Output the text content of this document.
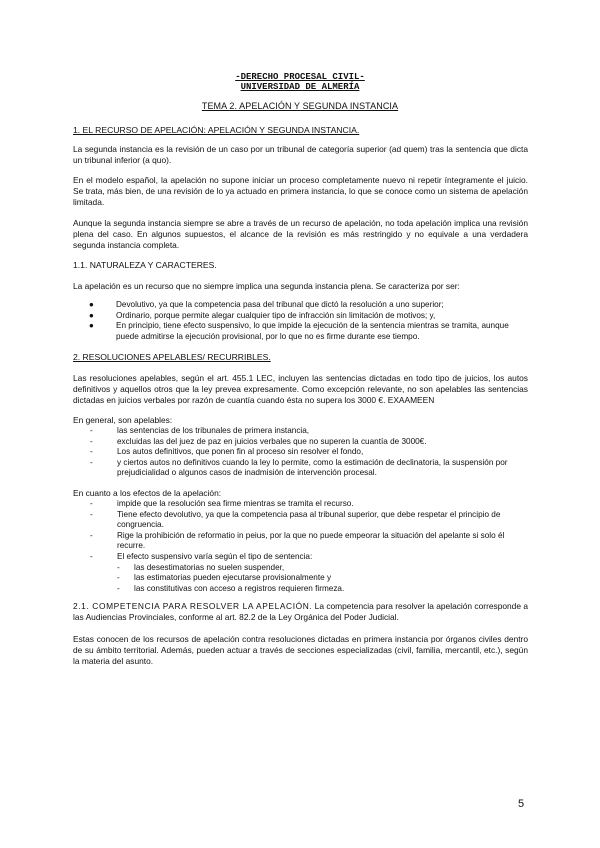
-DERECHO PROCESAL CIVIL-
UNIVERSIDAD DE ALMERÍA
TEMA 2. APELACIÓN Y SEGUNDA INSTANCIA

1. EL RECURSO DE APELACIÓN: APELACIÓN Y SEGUNDA INSTANCIA.

La segunda instancia es la revisión de un caso por un tribunal de categoría superior (ad quem) tras la sentencia que dicta un tribunal inferior (a quo).

En el modelo español, la apelación no supone iniciar un proceso completamente nuevo ni repetir íntegramente el juicio. Se trata, más bien, de una revisión de lo ya actuado en primera instancia, lo que se conoce como un sistema de apelación limitada.

Aunque la segunda instancia siempre se abre a través de un recurso de apelación, no toda apelación implica una revisión plena del caso. En algunos supuestos, el alcance de la revisión es más restringido y no equivale a una verdadera segunda instancia completa.

1.1. NATURALEZA Y CARACTERES.

La apelación es un recurso que no siempre implica una segunda instancia plena. Se caracteriza por ser:

●	Devolutivo, ya que la competencia pasa del tribunal que dictó la resolución a uno superior;
●	Ordinario, porque permite alegar cualquier tipo de infracción sin limitación de motivos; y,
●	En principio, tiene efecto suspensivo, lo que impide la ejecución de la sentencia mientras se tramita, aunque puede admitirse la ejecución provisional, por lo que no es firme durante ese tiempo.

2. RESOLUCIONES APELABLES/ RECURRIBLES.

Las resoluciones apelables, según el art. 455.1 LEC, incluyen las sentencias dictadas en todo tipo de juicios, los autos definitivos y aquellos otros que la ley prevea expresamente. Como excepción relevante, no son apelables las sentencias dictadas en juicios verbales por razón de cuantía cuando ésta no supera los 3000 €. EXAAMEEN

En general, son apelables:

-	las sentencias de los tribunales de primera instancia,
-	excluidas las del juez de paz en juicios verbales que no superen la cuantía de 3000€.
-	Los autos definitivos, que ponen fin al proceso sin resolver el fondo,
-	y ciertos autos no definitivos cuando la ley lo permite, como la estimación de declinatoria, la suspensión por prejudicialidad o algunos casos de inadmisión de intervención procesal.

En cuanto a los efectos de la apelación:

-	impide que la resolución sea firme mientras se tramita el recurso.
-	Tiene efecto devolutivo, ya que la competencia pasa al tribunal superior, que debe respetar el principio de congruencia.
-	Rige la prohibición de reformatio in peius, por la que no puede empeorar la situación del apelante si solo él recurre.
-	El efecto suspensivo varía según el tipo de sentencia:
- las desestimatorias no suelen suspender,
- las estimatorias pueden ejecutarse provisionalmente y
- las constitutivas con acceso a registros requieren firmeza.

2.1. COMPETENCIA PARA RESOLVER LA APELACIÓN. La competencia para resolver la apelación corresponde a las Audiencias Provinciales, conforme al art. 82.2 de la Ley Orgánica del Poder Judicial.

Estas conocen de los recursos de apelación contra resoluciones dictadas en primera instancia por órganos civiles dentro de su ámbito territorial. Además, pueden actuar a través de secciones especializadas (civil, familia, mercantil, etc.), según la materia del asunto.

5
